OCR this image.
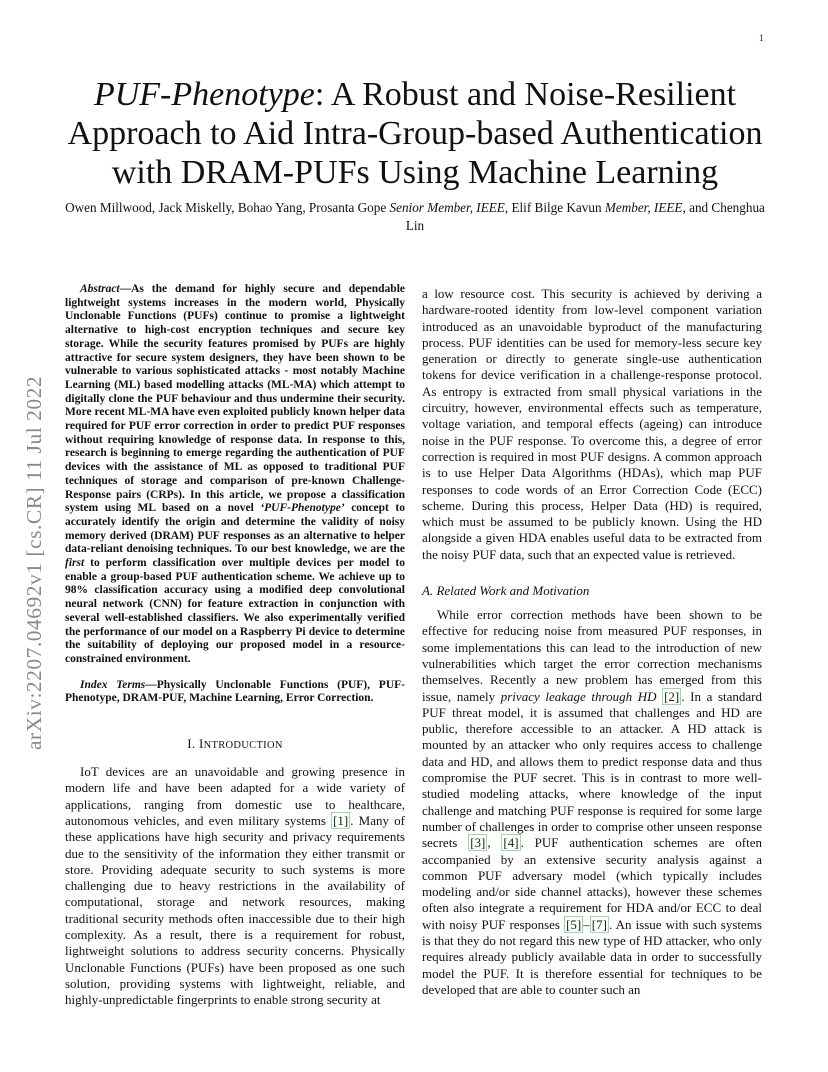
1
arXiv:2207.04692v1 [cs.CR] 11 Jul 2022
PUF-Phenotype: A Robust and Noise-Resilient
Approach to Aid Intra-Group-based Authentication
with DRAM-PUFs Using Machine Learning
Owen Millwood, Jack Miskelly, Bohao Yang, Prosanta Gope Senior Member, IEEE, Elif Bilge Kavun Member, IEEE, and Chenghua Lin

Abstract—As the demand for highly secure and dependable lightweight systems increases in the modern world, Physically Unclonable Functions (PUFs) continue to promise a lightweight alternative to high-cost encryption techniques and secure key storage. While the security features promised by PUFs are highly attractive for secure system designers, they have been shown to be vulnerable to various sophisticated attacks - most notably Machine Learning (ML) based modelling attacks (ML-MA) which attempt to digitally clone the PUF behaviour and thus undermine their security. More recent ML-MA have even exploited publicly known helper data required for PUF error correction in order to predict PUF responses without requiring knowledge of response data. In response to this, research is beginning to emerge regarding the authentication of PUF devices with the assistance of ML as opposed to traditional PUF techniques of storage and comparison of pre-known Challenge-Response pairs (CRPs). In this article, we propose a classification system using ML based on a novel ‘PUF-Phenotype’ concept to accurately identify the origin and determine the validity of noisy memory derived (DRAM) PUF responses as an alternative to helper data-reliant denoising techniques. To our best knowledge, we are the first to perform classification over multiple devices per model to enable a group-based PUF authentication scheme. We achieve up to 98% classification accuracy using a modified deep convolutional neural network (CNN) for feature extraction in conjunction with several well-established classifiers. We also experimentally verified the performance of our model on a Raspberry Pi device to determine the suitability of deploying our proposed model in a resource-constrained environment.

Index Terms—Physically Unclonable Functions (PUF), PUF-Phenotype, DRAM-PUF, Machine Learning, Error Correction.

I. INTRODUCTION

IoT devices are an unavoidable and growing presence in modern life and have been adapted for a wide variety of applications, ranging from domestic use to healthcare, autonomous vehicles, and even military systems [1] . Many of these applications have high security and privacy requirements due to the sensitivity of the information they either transmit or store. Providing adequate security to such systems is more challenging due to heavy restrictions in the availability of computational, storage and network resources, making traditional security methods often inaccessible due to their high complexity. As a result, there is a requirement for robust, lightweight solutions to address security concerns. Physically Unclonable Functions (PUFs) have been proposed as one such solution, providing systems with lightweight, reliable, and highly-unpredictable fingerprints to enable strong security at

a low resource cost. This security is achieved by deriving a hardware-rooted identity from low-level component variation introduced as an unavoidable byproduct of the manufacturing process. PUF identities can be used for memory-less secure key generation or directly to generate single-use authentication tokens for device verification in a challenge-response protocol. As entropy is extracted from small physical variations in the circuitry, however, environmental effects such as temperature, voltage variation, and temporal effects (ageing) can introduce noise in the PUF response. To overcome this, a degree of error correction is required in most PUF designs. A common approach is to use Helper Data Algorithms (HDAs), which map PUF responses to code words of an Error Correction Code (ECC) scheme. During this process, Helper Data (HD) is required, which must be assumed to be publicly known. Using the HD alongside a given HDA enables useful data to be extracted from the noisy PUF data, such that an expected value is retrieved.

A. Related Work and Motivation

While error correction methods have been shown to be effective for reducing noise from measured PUF responses, in some implementations this can lead to the introduction of new vulnerabilities which target the error correction mechanisms themselves. Recently a new problem has emerged from this issue, namely privacy leakage through HD [2] . In a standard PUF threat model, it is assumed that challenges and HD are public, therefore accessible to an attacker. A HD attack is mounted by an attacker who only requires access to challenge data and HD, and allows them to predict response data and thus compromise the PUF secret. This is in contrast to more well-studied modeling attacks, where knowledge of the input challenge and matching PUF response is required for some large number of challenges in order to comprise other unseen response secrets [3] , [4] . PUF authentication schemes are often accompanied by an extensive security analysis against a common PUF adversary model (which typically includes modeling and/or side channel attacks), however these schemes often also integrate a requirement for HDA and/or ECC to deal with noisy PUF responses [5] – [7] . An issue with such systems is that they do not regard this new type of HD attacker, who only requires already publicly available data in order to successfully model the PUF. It is therefore essential for techniques to be developed that are able to counter such an
